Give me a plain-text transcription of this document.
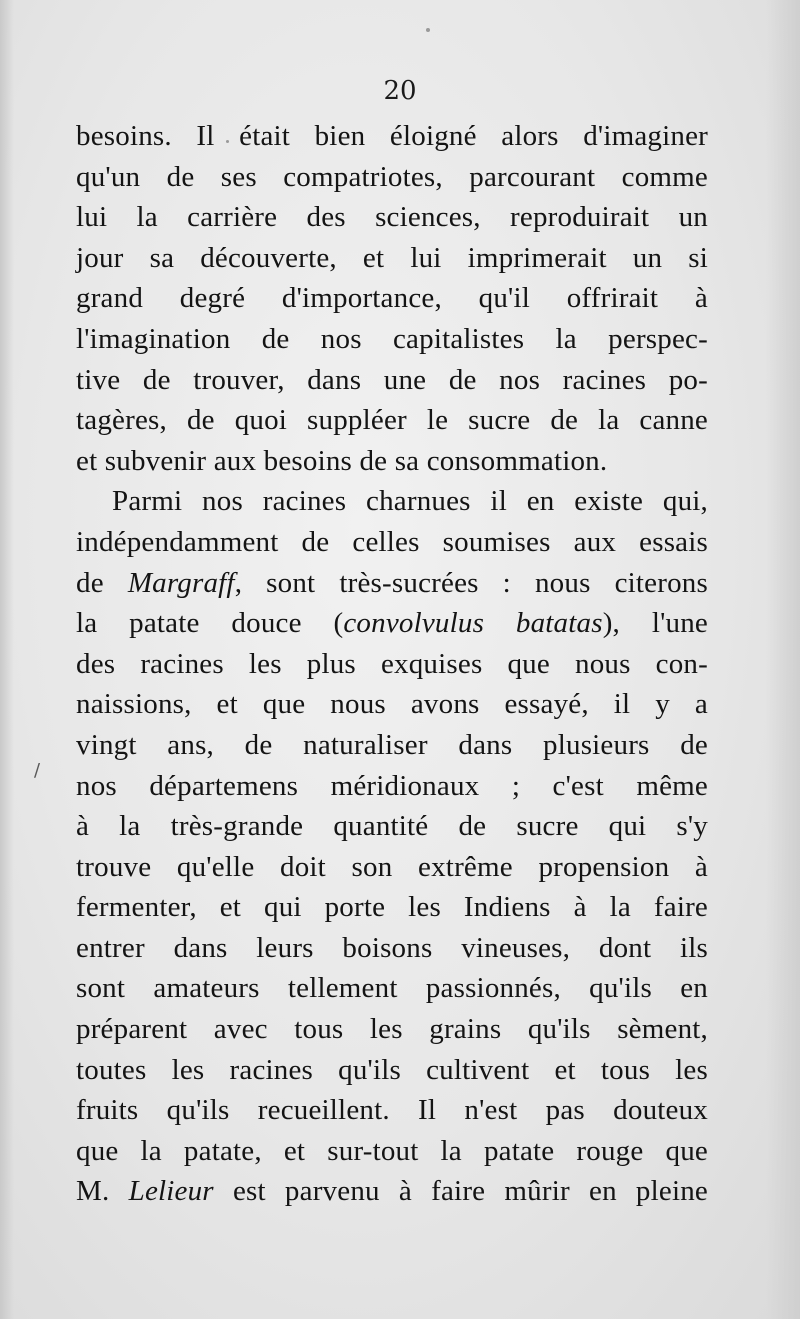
20
/
besoins. Il était bien éloigné alors d'imaginer
qu'un de ses compatriotes, parcourant comme
lui la carrière des sciences, reproduirait un
jour sa découverte, et lui imprimerait un si
grand degré d'importance, qu'il offrirait à
l'imagination de nos capitalistes la perspec-
tive de trouver, dans une de nos racines po-
tagères, de quoi suppléer le sucre de la canne
et subvenir aux besoins de sa consommation.
Parmi nos racines charnues il en existe qui,
indépendamment de celles soumises aux essais
de Margraff, sont très-sucrées : nous citerons
la patate douce (convolvulus batatas), l'une
des racines les plus exquises que nous con-
naissions, et que nous avons essayé, il y a
vingt ans, de naturaliser dans plusieurs de
nos départemens méridionaux ; c'est même
à la très-grande quantité de sucre qui s'y
trouve qu'elle doit son extrême propension à
fermenter, et qui porte les Indiens à la faire
entrer dans leurs boisons vineuses, dont ils
sont amateurs tellement passionnés, qu'ils en
préparent avec tous les grains qu'ils sèment,
toutes les racines qu'ils cultivent et tous les
fruits qu'ils recueillent. Il n'est pas douteux
que la patate, et sur-tout la patate rouge que
M. Lelieur est parvenu à faire mûrir en pleine
